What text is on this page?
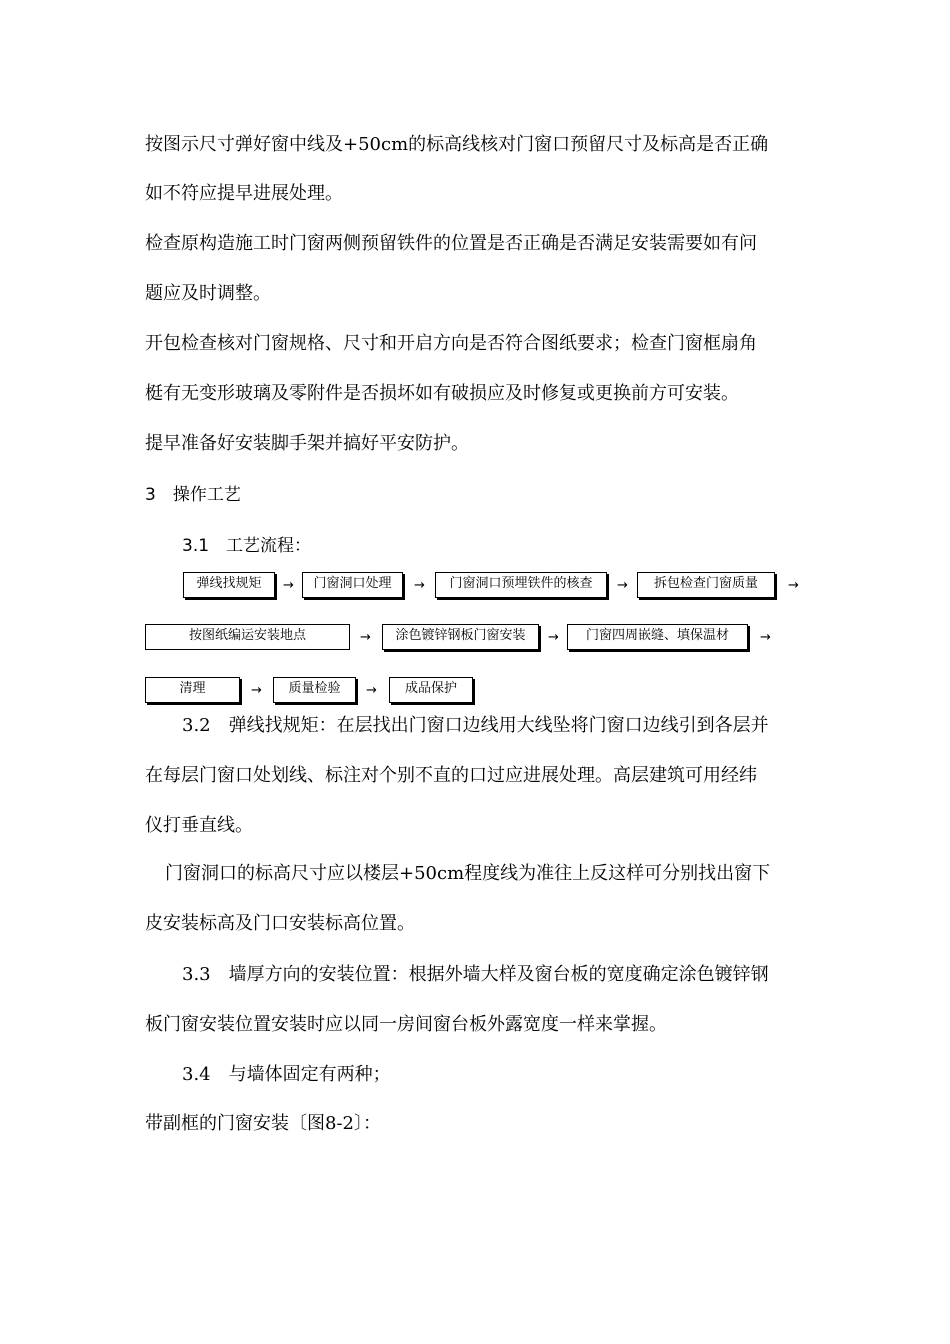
按图示尺寸弹好窗中线及+50cm的标高线核对门窗口预留尺寸及标高是否正确
如不符应提早进展处理。
检查原构造施工时门窗两侧预留铁件的位置是否正确是否满足安装需要如有问
题应及时调整。
开包检查核对门窗规格、尺寸和开启方向是否符合图纸要求；检查门窗框扇角
梃有无变形玻璃及零附件是否损坏如有破损应及时修复或更换前方可安装。
提早准备好安装脚手架并搞好平安防护。
3　操作工艺
3.1　工艺流程：
弹线找规矩	→	门窗洞口处理	→	门窗洞口预埋铁件的核查	→	拆包检查门窗质量	→
按图纸编运安装地点	→	涂色镀锌钢板门窗安装	→	门窗四周嵌缝、填保温材	→
清理	→	质量检验	→	成品保护
3.2　弹线找规矩：在层找出门窗口边线用大线坠将门窗口边线引到各层并
在每层门窗口处划线、标注对个别不直的口过应进展处理。高层建筑可用经纬
仪打垂直线。
门窗洞口的标高尺寸应以楼层+50cm程度线为准往上反这样可分别找出窗下
皮安装标高及门口安装标高位置。
3.3　墙厚方向的安装位置：根据外墙大样及窗台板的宽度确定涂色镀锌钢
板门窗安装位置安装时应以同一房间窗台板外露宽度一样来掌握。
3.4　与墙体固定有两种；
带副框的门窗安装〔图8-2〕：
